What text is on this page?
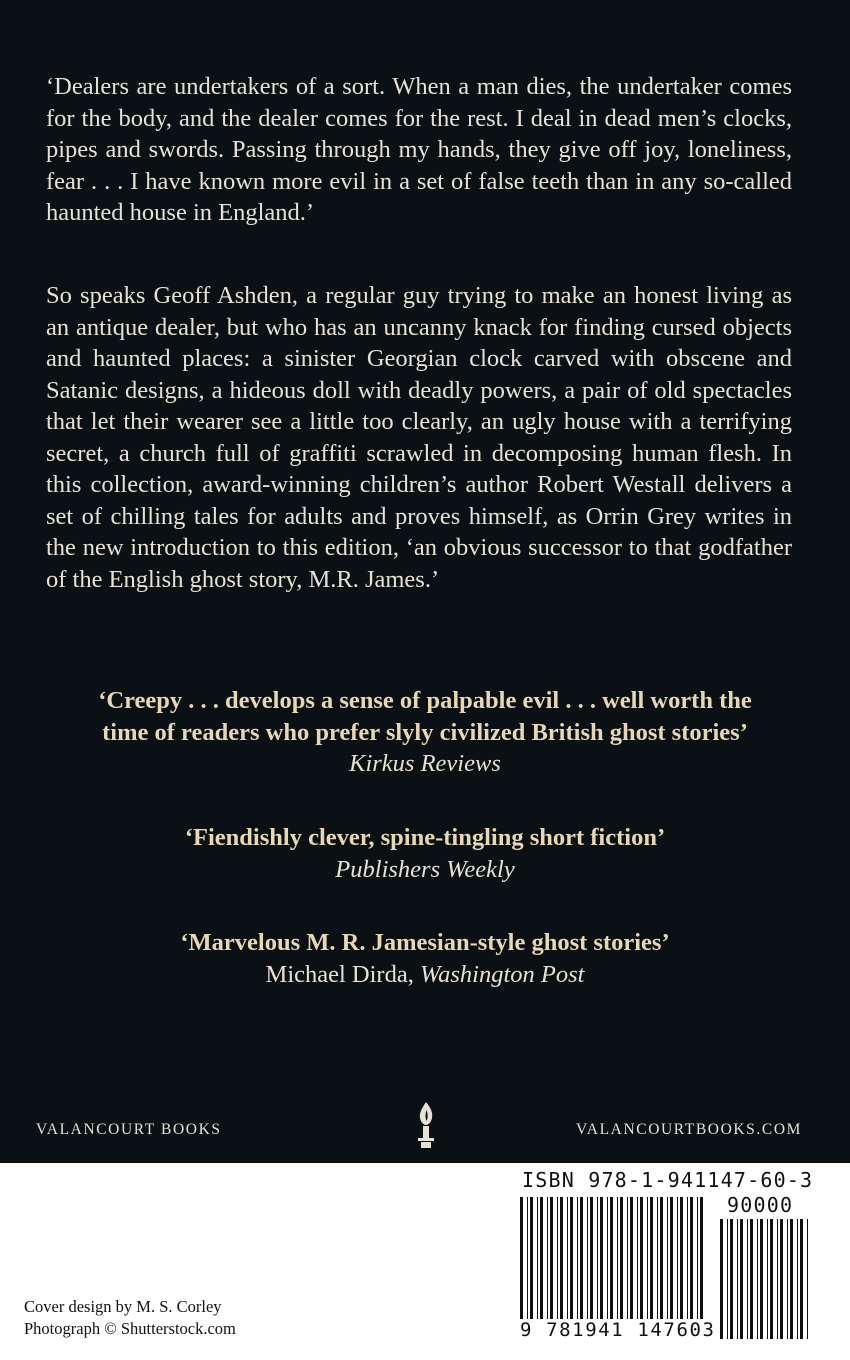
‘Dealers are undertakers of a sort. When a man dies, the undertaker comes for the body, and the dealer comes for the rest. I deal in dead men’s clocks, pipes and swords. Passing through my hands, they give off joy, loneliness, fear . . . I have known more evil in a set of false teeth than in any so-called haunted house in England.’

So speaks Geoff Ashden, a regular guy trying to make an honest living as an antique dealer, but who has an uncanny knack for finding cursed objects and haunted places: a sinister Georgian clock carved with obscene and Satanic designs, a hideous doll with deadly powers, a pair of old spectacles that let their wearer see a little too clearly, an ugly house with a terrifying secret, a church full of graffiti scrawled in decomposing human flesh. In this collection, award-winning children’s author Robert Westall delivers a set of chilling tales for adults and proves himself, as Orrin Grey writes in the new introduction to this edition, ‘an obvious successor to that godfather of the English ghost story, M.R. James.’

‘Creepy . . . develops a sense of palpable evil . . . well worth the
time of readers who prefer slyly civilized British ghost stories’
Kirkus Reviews
‘Fiendishly clever, spine-tingling short fiction’
Publishers Weekly
‘Marvelous M. R. Jamesian-style ghost stories’
Michael Dirda, Washington Post
VALANCOURT BOOKS	VALANCOURTBOOKS.COM
Cover design by M. S. Corley
Photograph © Shutterstock.com
ISBN 978-1-941147-60-3
90000
9 781941 147603
